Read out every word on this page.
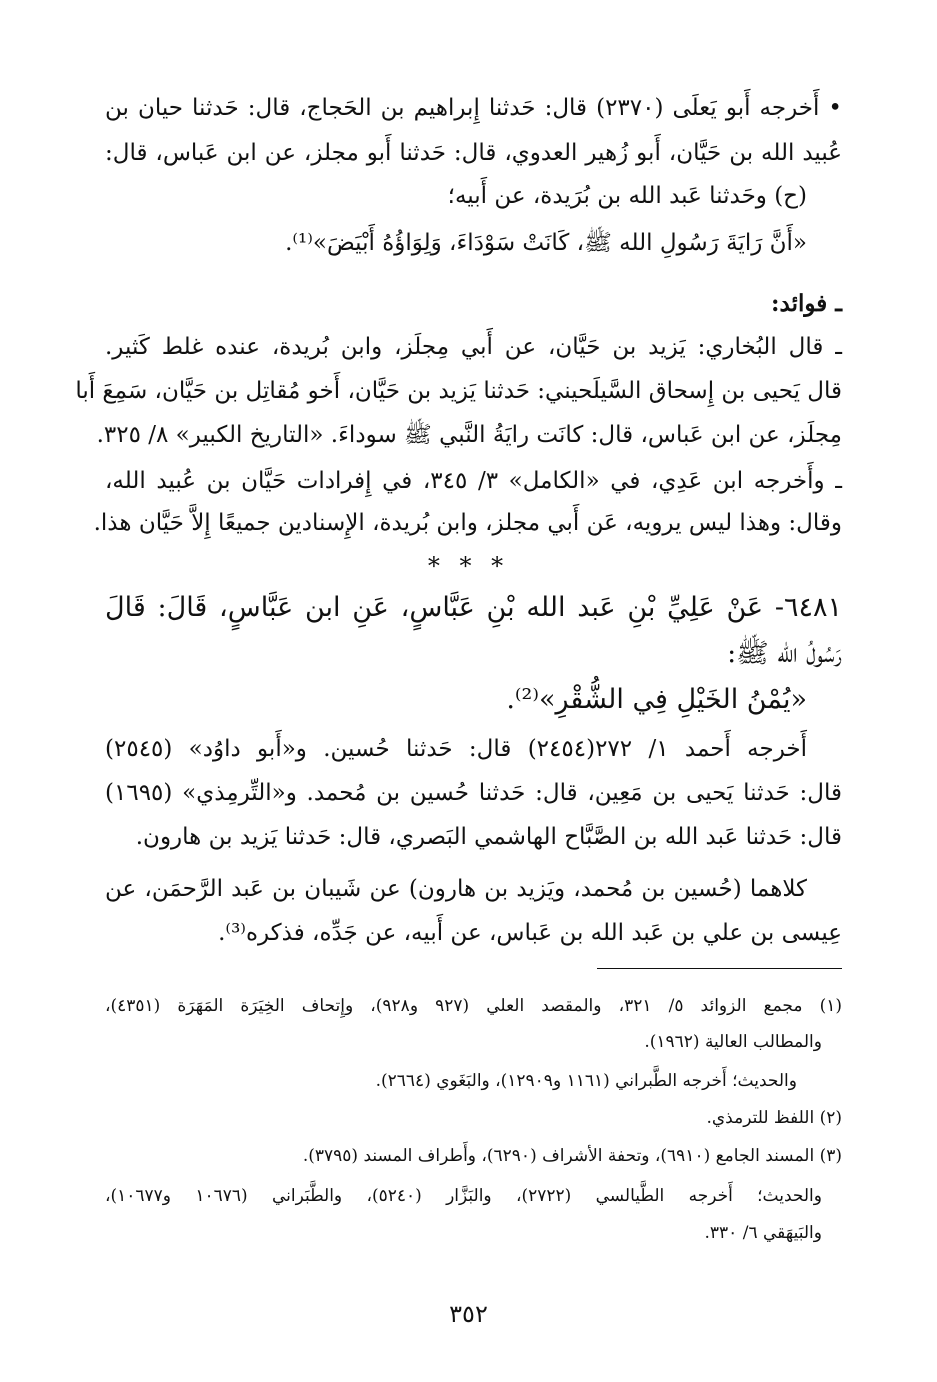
• أَخرجه أَبو يَعلَى (٢٣٧٠) قال: حَدثنا إِبراهيم بن الحَجاج، قال: حَدثنا حيان بن
عُبيد الله بن حَيَّان، أَبو زُهير العدوي، قال: حَدثنا أَبو مجلز، عن ابن عَباس، قال:
(ح) وحَدثنا عَبد الله بن بُرَيدة، عن أَبيه؛
«أَنَّ رَايَةَ رَسُولِ الله ﷺ، كَانَتْ سَوْدَاءَ، وَلِوَاؤُهُ أَبْيَضَ»⁽¹⁾.
ـ فوائد:
ـ قال البُخاري: يَزيد بن حَيَّان، عن أَبي مِجلَز، وابن بُريدة، عنده غلط كَثير.
قال يَحيى بن إِسحاق السَّيلَحيني: حَدثنا يَزيد بن حَيَّان، أَخو مُقاتِل بن حَيَّان، سَمِعَ أَبا
مِجلَز، عن ابن عَباس، قال: كانَت رايَةُ النَّبي ﷺ سوداءَ. «التاريخ الكبير» ٨/ ٣٢٥.
ـ وأَخرجه ابن عَدِي، في «الكامل» ٣/ ٣٤٥، في إِفرادات حَيَّان بن عُبيد الله،
وقال: وهذا ليس يرويه، عَن أَبي مجلز، وابن بُريدة، الإِسنادين جميعًا إِلاَّ حَيَّان هذا.
* * *
٦٤٨١- عَنْ عَلِيِّ بْنِ عَبد الله بْنِ عَبَّاسٍ، عَنِ ابن عَبَّاسٍ، قَالَ: قَالَ
رَسُولُ الله ﷺ:
«يُمْنُ الخَيْلِ فِي الشُّقْرِ»⁽²⁾.
أَخرجه أَحمد ١/ ٢٧٢(٢٤٥٤) قال: حَدثنا حُسين. و«أَبو داوُد» (٢٥٤٥)
قال: حَدثنا يَحيى بن مَعِين، قال: حَدثنا حُسين بن مُحمد. و«التِّرمِذي» (١٦٩٥)
قال: حَدثنا عَبد الله بن الصَّبَّاح الهاشمي البَصري، قال: حَدثنا يَزيد بن هارون.
كلاهما (حُسين بن مُحمد، ويَزيد بن هارون) عن شَيبان بن عَبد الرَّحمَن، عن
عِيسى بن علي بن عَبد الله بن عَباس، عن أَبيه، عن جَدِّه، فذكره⁽³⁾.
(١) مجمع الزوائد ٥/ ٣٢١، والمقصد العلي (٩٢٧ و٩٢٨)، وإِتحاف الخِيَرَة المَهَرَة (٤٣٥١)،
والمطالب العالية (١٩٦٢).
والحديث؛ أَخرجه الطَّبراني (١١٦١ و١٢٩٠٩)، والبَغَوي (٢٦٦٤).
(٢) اللفظ للترمذي.
(٣) المسند الجامع (٦٩١٠)، وتحفة الأشراف (٦٢٩٠)، وأَطراف المسند (٣٧٩٥).
والحديث؛ أَخرجه الطَّيالسي (٢٧٢٢)، والبَزَّار (٥٢٤٠)، والطَّبَراني (١٠٦٧٦ و١٠٦٧٧)،
والبَيهَقي ٦/ ٣٣٠.
٣٥٢
